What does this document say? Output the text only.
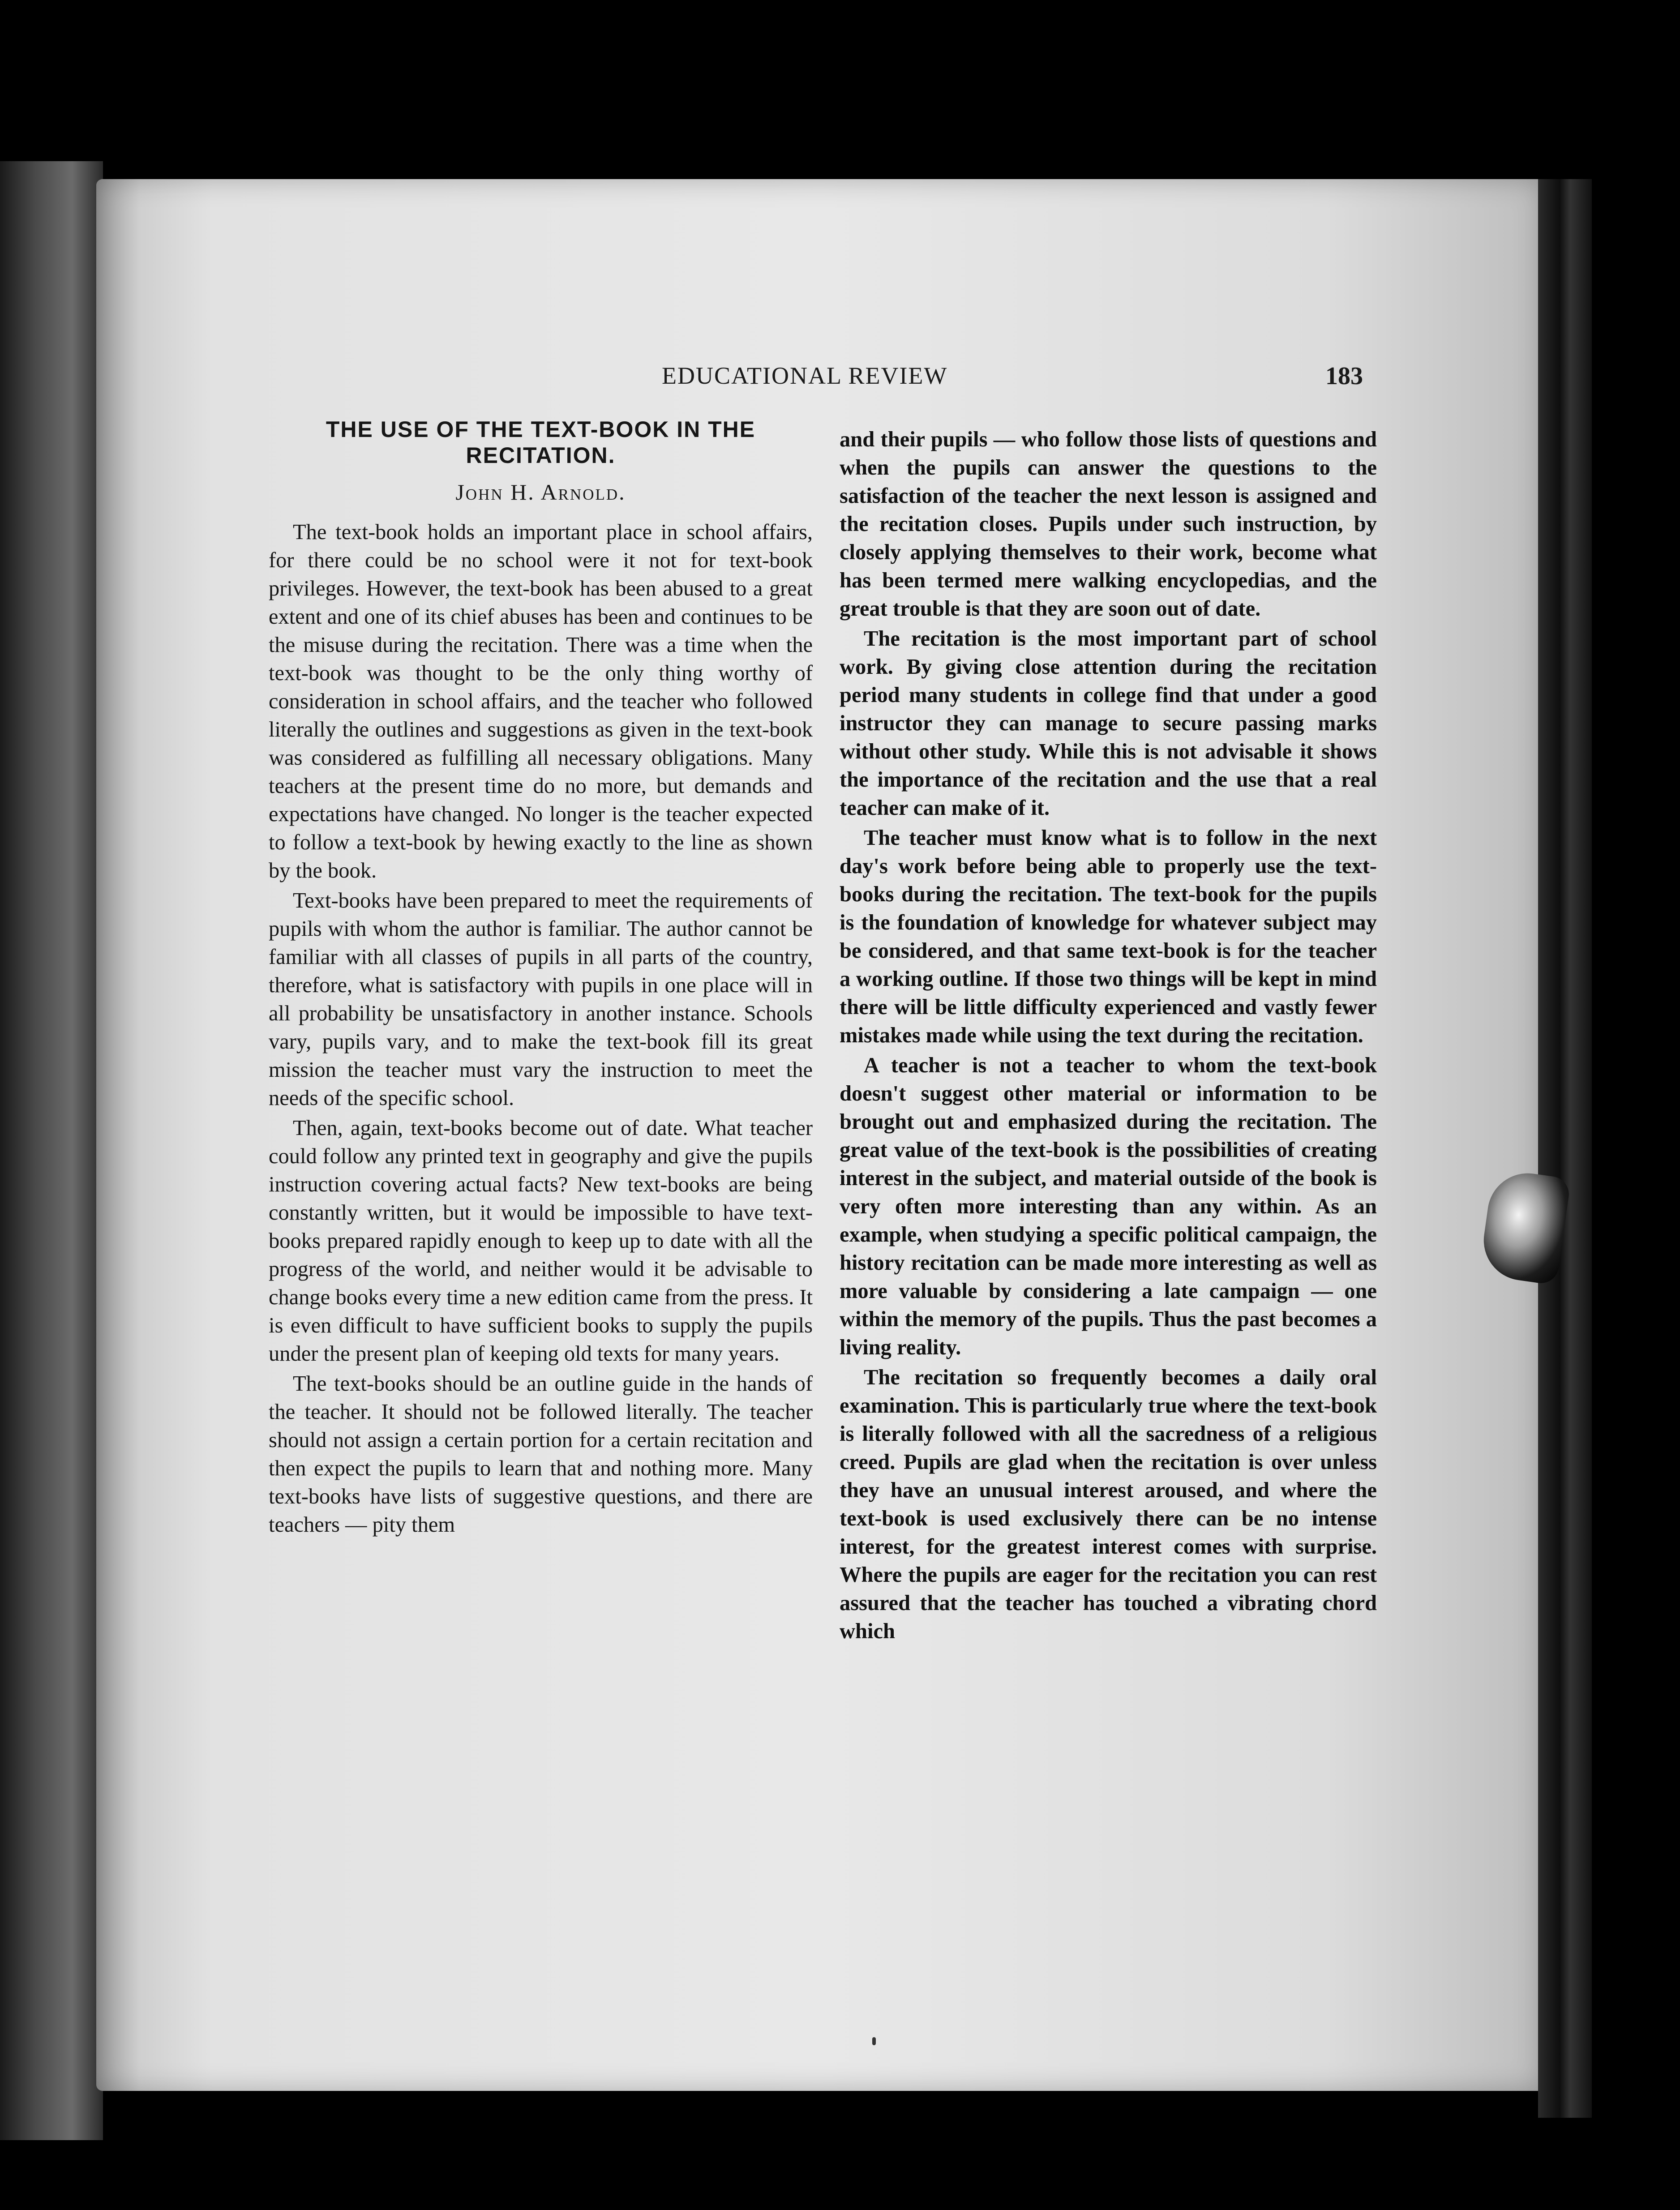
EDUCATIONAL REVIEW	183
THE USE OF THE TEXT-BOOK IN THE RECITATION.
John H. Arnold.

The text-book holds an important place in school affairs, for there could be no school were it not for text-book privileges. However, the text-book has been abused to a great extent and one of its chief abuses has been and continues to be the misuse during the recitation. There was a time when the text-book was thought to be the only thing worthy of consideration in school affairs, and the teacher who followed literally the outlines and suggestions as given in the text-book was considered as fulfilling all necessary obligations. Many teachers at the present time do no more, but demands and expectations have changed. No longer is the teacher expected to follow a text-book by hewing exactly to the line as shown by the book.

Text-books have been prepared to meet the requirements of pupils with whom the author is familiar. The author cannot be familiar with all classes of pupils in all parts of the country, therefore, what is satisfactory with pupils in one place will in all probability be unsatisfactory in another instance. Schools vary, pupils vary, and to make the text-book fill its great mission the teacher must vary the instruction to meet the needs of the specific school.

Then, again, text-books become out of date. What teacher could follow any printed text in geography and give the pupils instruction covering actual facts? New text-books are being constantly written, but it would be impossible to have text-books prepared rapidly enough to keep up to date with all the progress of the world, and neither would it be advisable to change books every time a new edition came from the press. It is even difficult to have sufficient books to supply the pupils under the present plan of keeping old texts for many years.

The text-books should be an outline guide in the hands of the teacher. It should not be followed literally. The teacher should not assign a certain portion for a certain recitation and then expect the pupils to learn that and nothing more. Many text-books have lists of suggestive questions, and there are teachers — pity them

and their pupils — who follow those lists of questions and when the pupils can answer the questions to the satisfaction of the teacher the next lesson is assigned and the recitation closes. Pupils under such instruction, by closely applying themselves to their work, become what has been termed mere walking encyclopedias, and the great trouble is that they are soon out of date.

The recitation is the most important part of school work. By giving close attention during the recitation period many students in college find that under a good instructor they can manage to secure passing marks without other study. While this is not advisable it shows the importance of the recitation and the use that a real teacher can make of it.

The teacher must know what is to follow in the next day's work before being able to properly use the text-books during the recitation. The text-book for the pupils is the foundation of knowledge for whatever subject may be considered, and that same text-book is for the teacher a working outline. If those two things will be kept in mind there will be little difficulty experienced and vastly fewer mistakes made while using the text during the recitation.

A teacher is not a teacher to whom the text-book doesn't suggest other material or information to be brought out and emphasized during the recitation. The great value of the text-book is the possibilities of creating interest in the subject, and material outside of the book is very often more interesting than any within. As an example, when studying a specific political campaign, the history recitation can be made more interesting as well as more valuable by considering a late campaign — one within the memory of the pupils. Thus the past becomes a living reality.

The recitation so frequently becomes a daily oral examination. This is particularly true where the text-book is literally followed with all the sacredness of a religious creed. Pupils are glad when the recitation is over unless they have an unusual interest aroused, and where the text-book is used exclusively there can be no intense interest, for the greatest interest comes with surprise. Where the pupils are eager for the recitation you can rest assured that the teacher has touched a vibrating chord which
